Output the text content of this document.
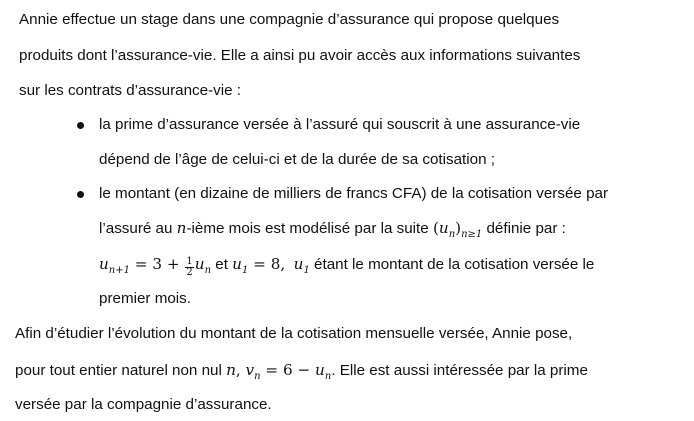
Annie effectue un stage dans une compagnie d’assurance qui propose quelques
produits dont l’assurance-vie. Elle a ainsi pu avoir accès aux informations suivantes
sur les contrats d’assurance-vie :
la prime d’assurance versée à l’assuré qui souscrit à une assurance-vie
dépend de l’âge de celui-ci et de la durée de sa cotisation ;
le montant (en dizaine de milliers de francs CFA) de la cotisation versée par
l’assuré au n-ième mois est modélisé par la suite $(u_n)_{n\ge 1}$ définie par :
$u_{n+1} = 3 + \frac{1}{2} u_n$ et $u_1 = 8$, $u_1$ étant le montant de la cotisation versée le
premier mois.
Afin d’étudier l’évolution du montant de la cotisation mensuelle versée, Annie pose,
pour tout entier naturel non nul n, $v_n = 6 - u_n$. Elle est aussi intéressée par la prime
versée par la compagnie d’assurance.
